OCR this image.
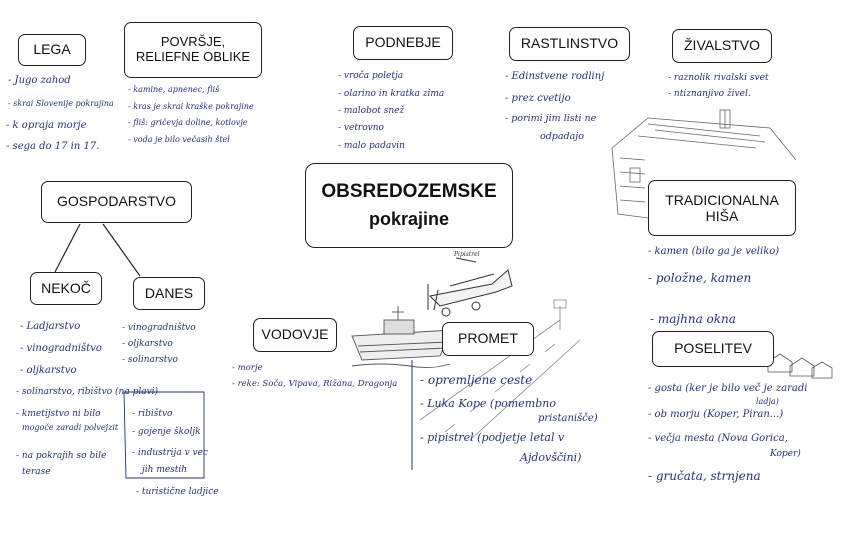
OBSREDOZEMSKE
pokrajine
LEGA	POVRŠJE,
RELIEFNE OBLIKE
PODNEBJE	RASTLINSTVO	ŽIVALSTVO
GOSPODARSTVO
NEKOČ	DANES
VODOVJE	PROMET
TRADICIONALNA
HIŠA
POSELITEV
- Jugo zahod
- skrai Slovenije pokrajina
- k opraja morje
- sega do 17 in 17.
- kamine, apnenec, fliš
- kras je skrai kraške pokrajine
- fliš: gričevja doline, kotlovje
- voda je bilo večasih štel
- vroča poletja
- olarino in kratka zima
- malobot snež
- vetrovno
- malo padavin
- Edinstvene rodlinj
- prez cvetijo
- porimi jim listi ne
odpadajo
- raznolik rivalski svet
- ntiznanjivo živel.
- Ladjarstvo
- vinogradništvo
- oljkarstvo
- solinarstvo, ribištvo (na plavi)
- kmetijstvo ni bilo
mogoče zaradi polvejzit
- na pokrajih so bile
terase
- vinogradništvo
- oljkarstvo
- solinarstvo
- ribištvo
- gojenje školjk
- industrija v vec
jih mestih
- turistične ladjice
- morje
- reke: Soča, Vipava, Rižana, Dragonja - opremljene ceste
- Luka Kope (pomembno
pristanišče)
- pipistrel (podjetje letal v
Ajdovščini)
- kamen (bilo ga je veliko)
- položne, kamen
- majhna okna
- gosta (ker je bilo več je zaradi
ladja)
- ob morju (Koper, Piran...)
- večja mesta (Nova Gorica,
Koper)
- gručata, strnjena
Pipistrel
